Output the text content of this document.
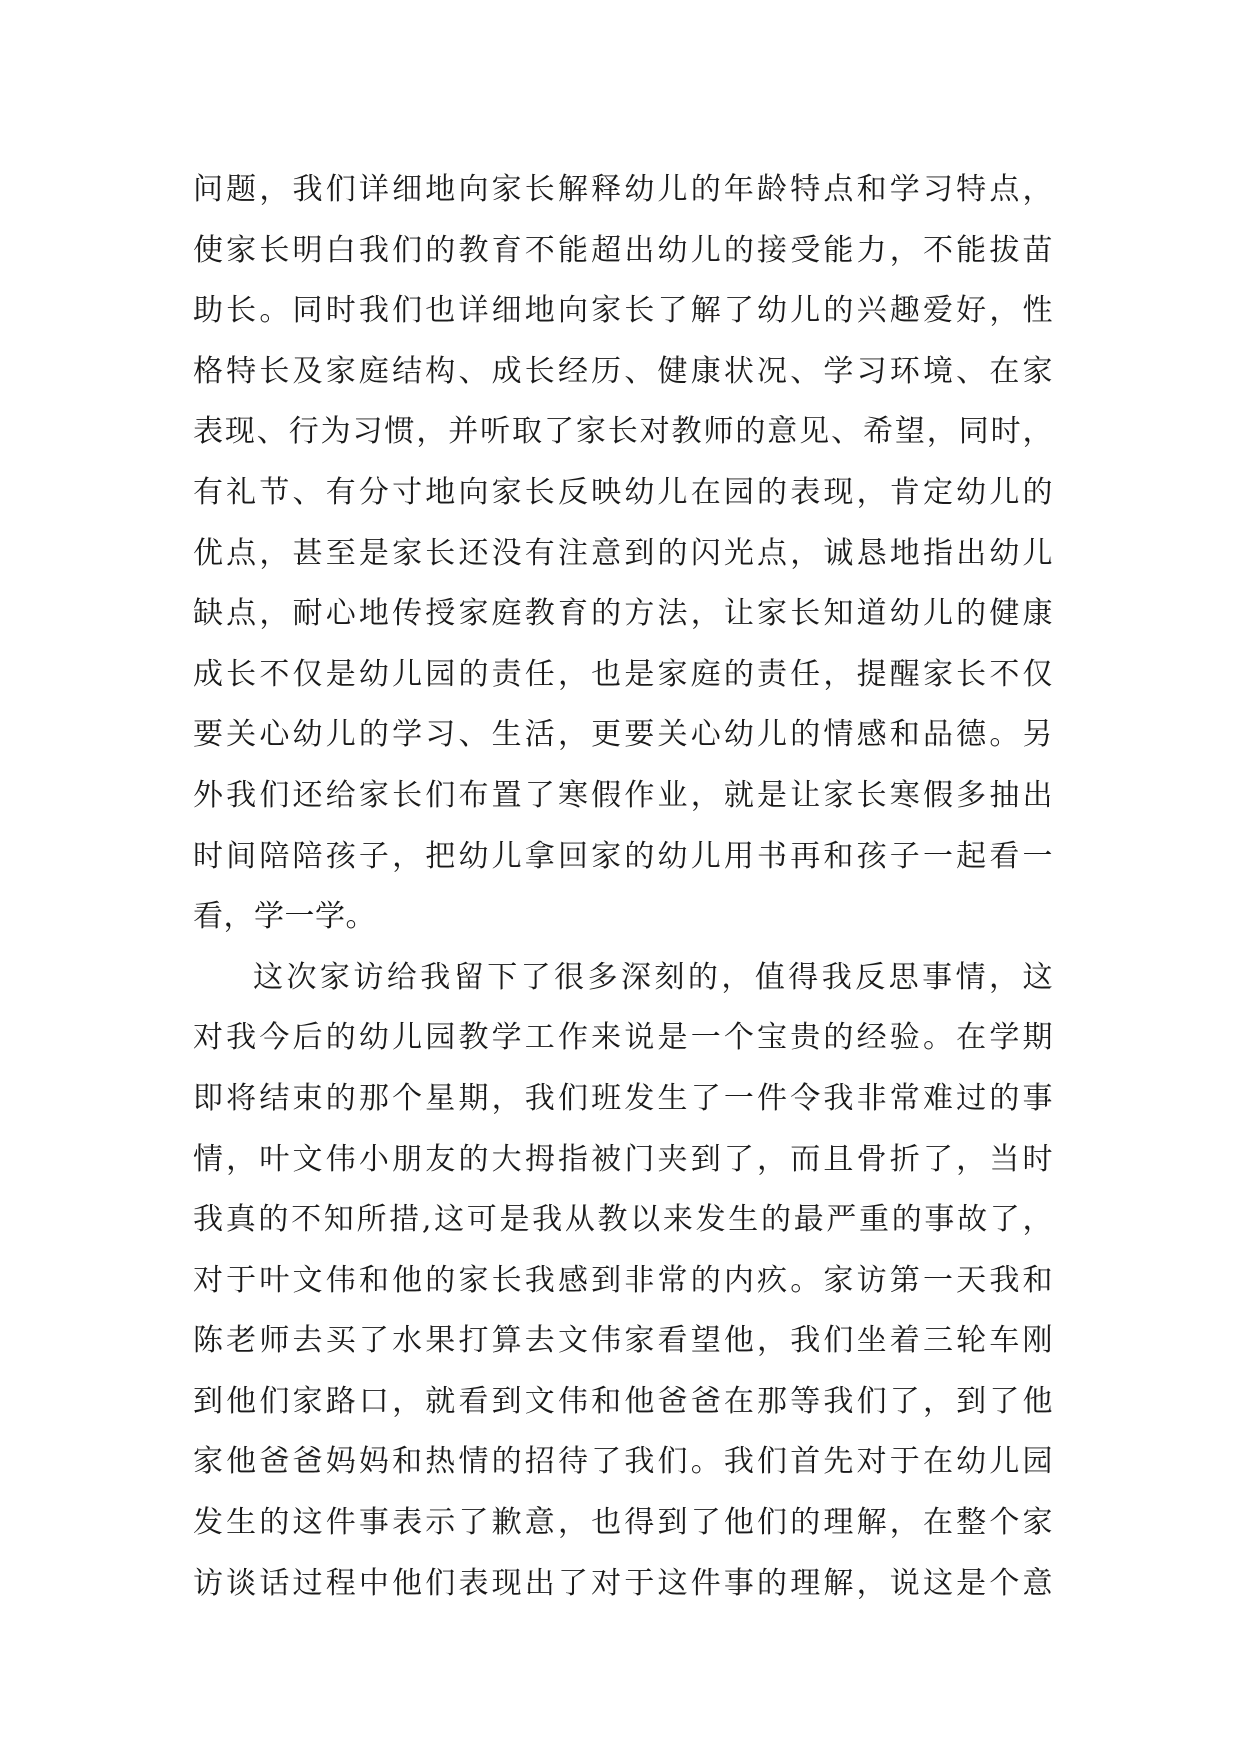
问题，我们详细地向家长解释幼儿的年龄特点和学习特点，
使家长明白我们的教育不能超出幼儿的接受能力，不能拔苗
助长。同时我们也详细地向家长了解了幼儿的兴趣爱好，性
格特长及家庭结构、成长经历、健康状况、学习环境、在家
表现、行为习惯，并听取了家长对教师的意见、希望，同时，
有礼节、有分寸地向家长反映幼儿在园的表现，肯定幼儿的
优点，甚至是家长还没有注意到的闪光点，诚恳地指出幼儿
缺点，耐心地传授家庭教育的方法，让家长知道幼儿的健康
成长不仅是幼儿园的责任，也是家庭的责任，提醒家长不仅
要关心幼儿的学习、生活，更要关心幼儿的情感和品德。另
外我们还给家长们布置了寒假作业，就是让家长寒假多抽出
时间陪陪孩子，把幼儿拿回家的幼儿用书再和孩子一起看一
看，学一学。
这次家访给我留下了很多深刻的，值得我反思事情，这
对我今后的幼儿园教学工作来说是一个宝贵的经验。在学期
即将结束的那个星期，我们班发生了一件令我非常难过的事
情，叶文伟小朋友的大拇指被门夹到了，而且骨折了，当时
我真的不知所措,这可是我从教以来发生的最严重的事故了，
对于叶文伟和他的家长我感到非常的内疚。家访第一天我和
陈老师去买了水果打算去文伟家看望他，我们坐着三轮车刚
到他们家路口，就看到文伟和他爸爸在那等我们了，到了他
家他爸爸妈妈和热情的招待了我们。我们首先对于在幼儿园
发生的这件事表示了歉意，也得到了他们的理解，在整个家
访谈话过程中他们表现出了对于这件事的理解，说这是个意
